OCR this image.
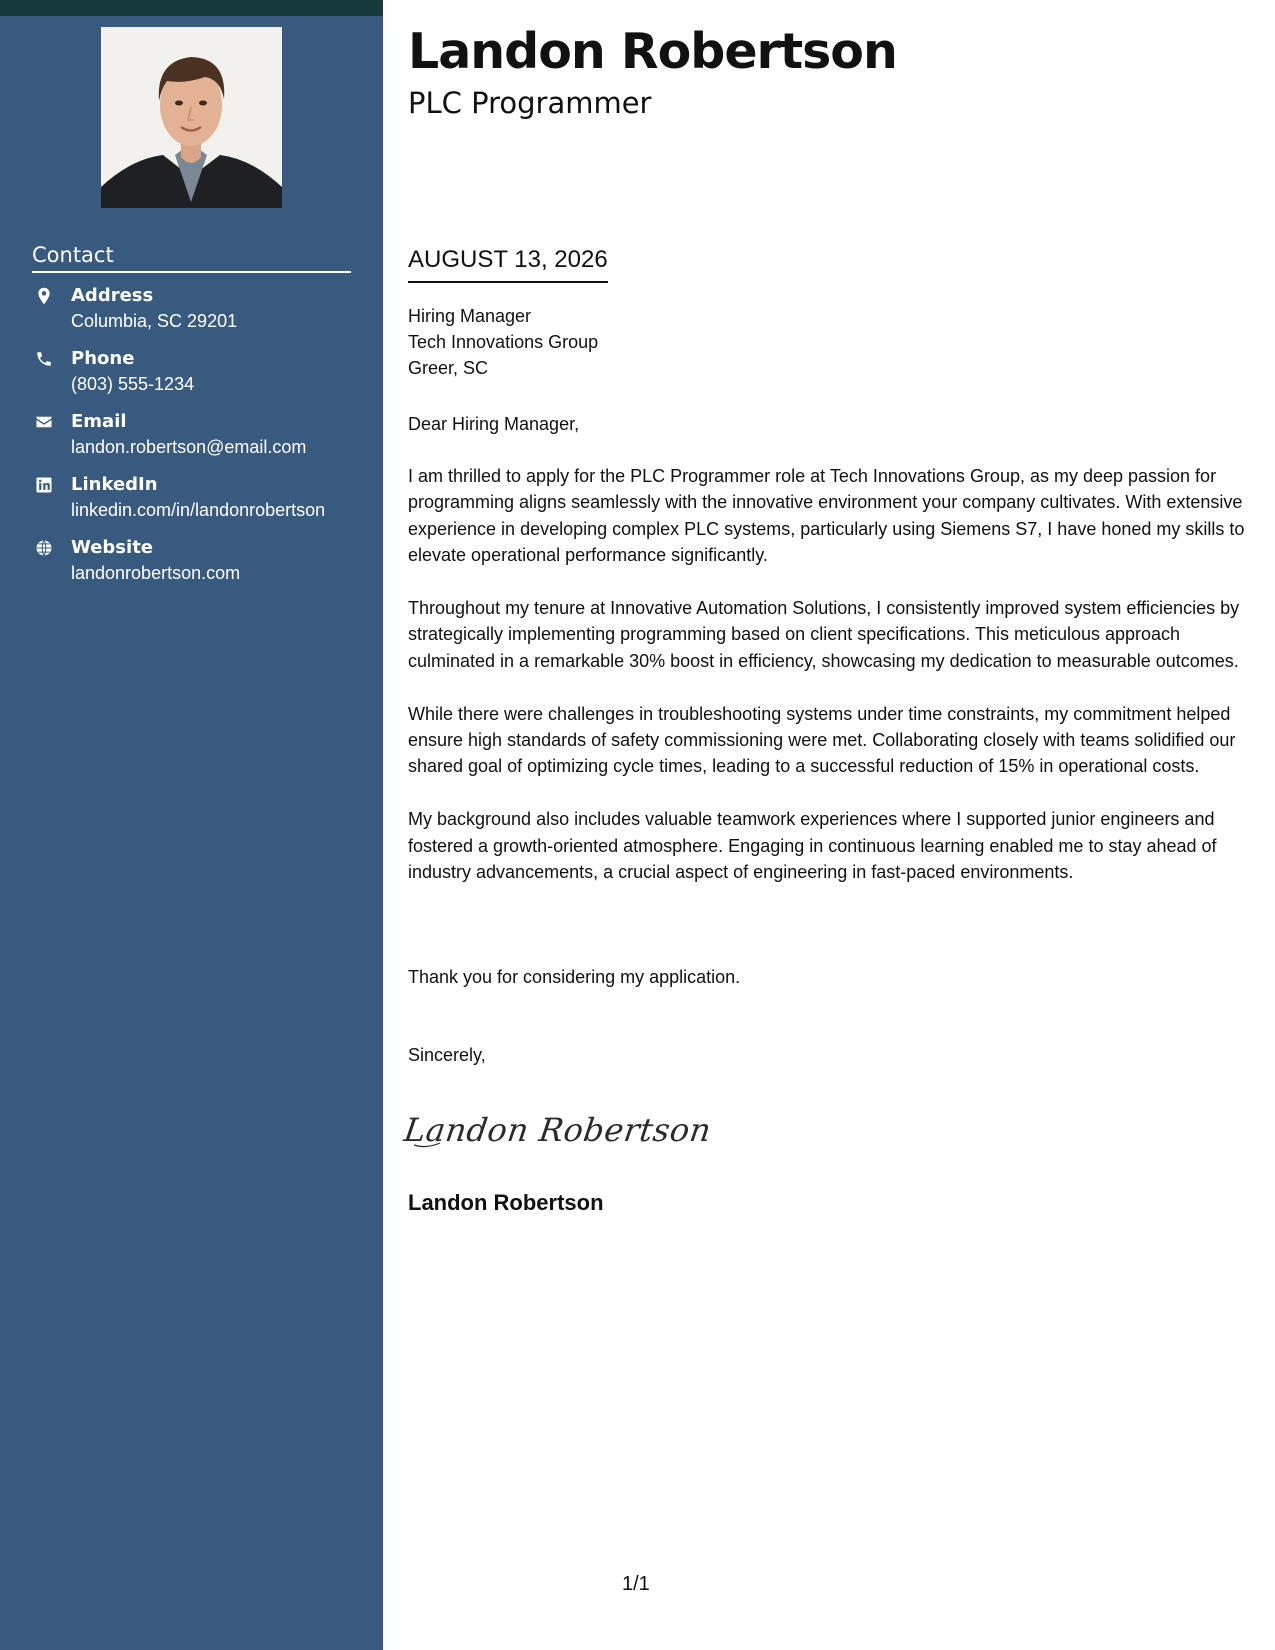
Contact
Address
Columbia, SC 29201
Phone
(803) 555-1234
Email
landon.robertson@email.com
LinkedIn
linkedin.com/in/landonrobertson
Website
landonrobertson.com
Landon Robertson
PLC Programmer
AUGUST 13, 2026
Hiring Manager
Tech Innovations Group
Greer, SC
Dear Hiring Manager,

I am thrilled to apply for the PLC Programmer role at Tech Innovations Group, as my deep passion for programming aligns seamlessly with the innovative environment your company cultivates. With extensive experience in developing complex PLC systems, particularly using Siemens S7, I have honed my skills to elevate operational performance significantly.

Throughout my tenure at Innovative Automation Solutions, I consistently improved system efficiencies by strategically implementing programming based on client specifications. This meticulous approach culminated in a remarkable 30% boost in efficiency, showcasing my dedication to measurable outcomes.

While there were challenges in troubleshooting systems under time constraints, my commitment helped ensure high standards of safety commissioning were met. Collaborating closely with teams solidified our shared goal of optimizing cycle times, leading to a successful reduction of 15% in operational costs.

My background also includes valuable teamwork experiences where I supported junior engineers and fostered a growth-oriented atmosphere. Engaging in continuous learning enabled me to stay ahead of industry advancements, a crucial aspect of engineering in fast-paced environments.

Thank you for considering my application.
Sincerely,
Landon Robertson
Landon Robertson
1/1
